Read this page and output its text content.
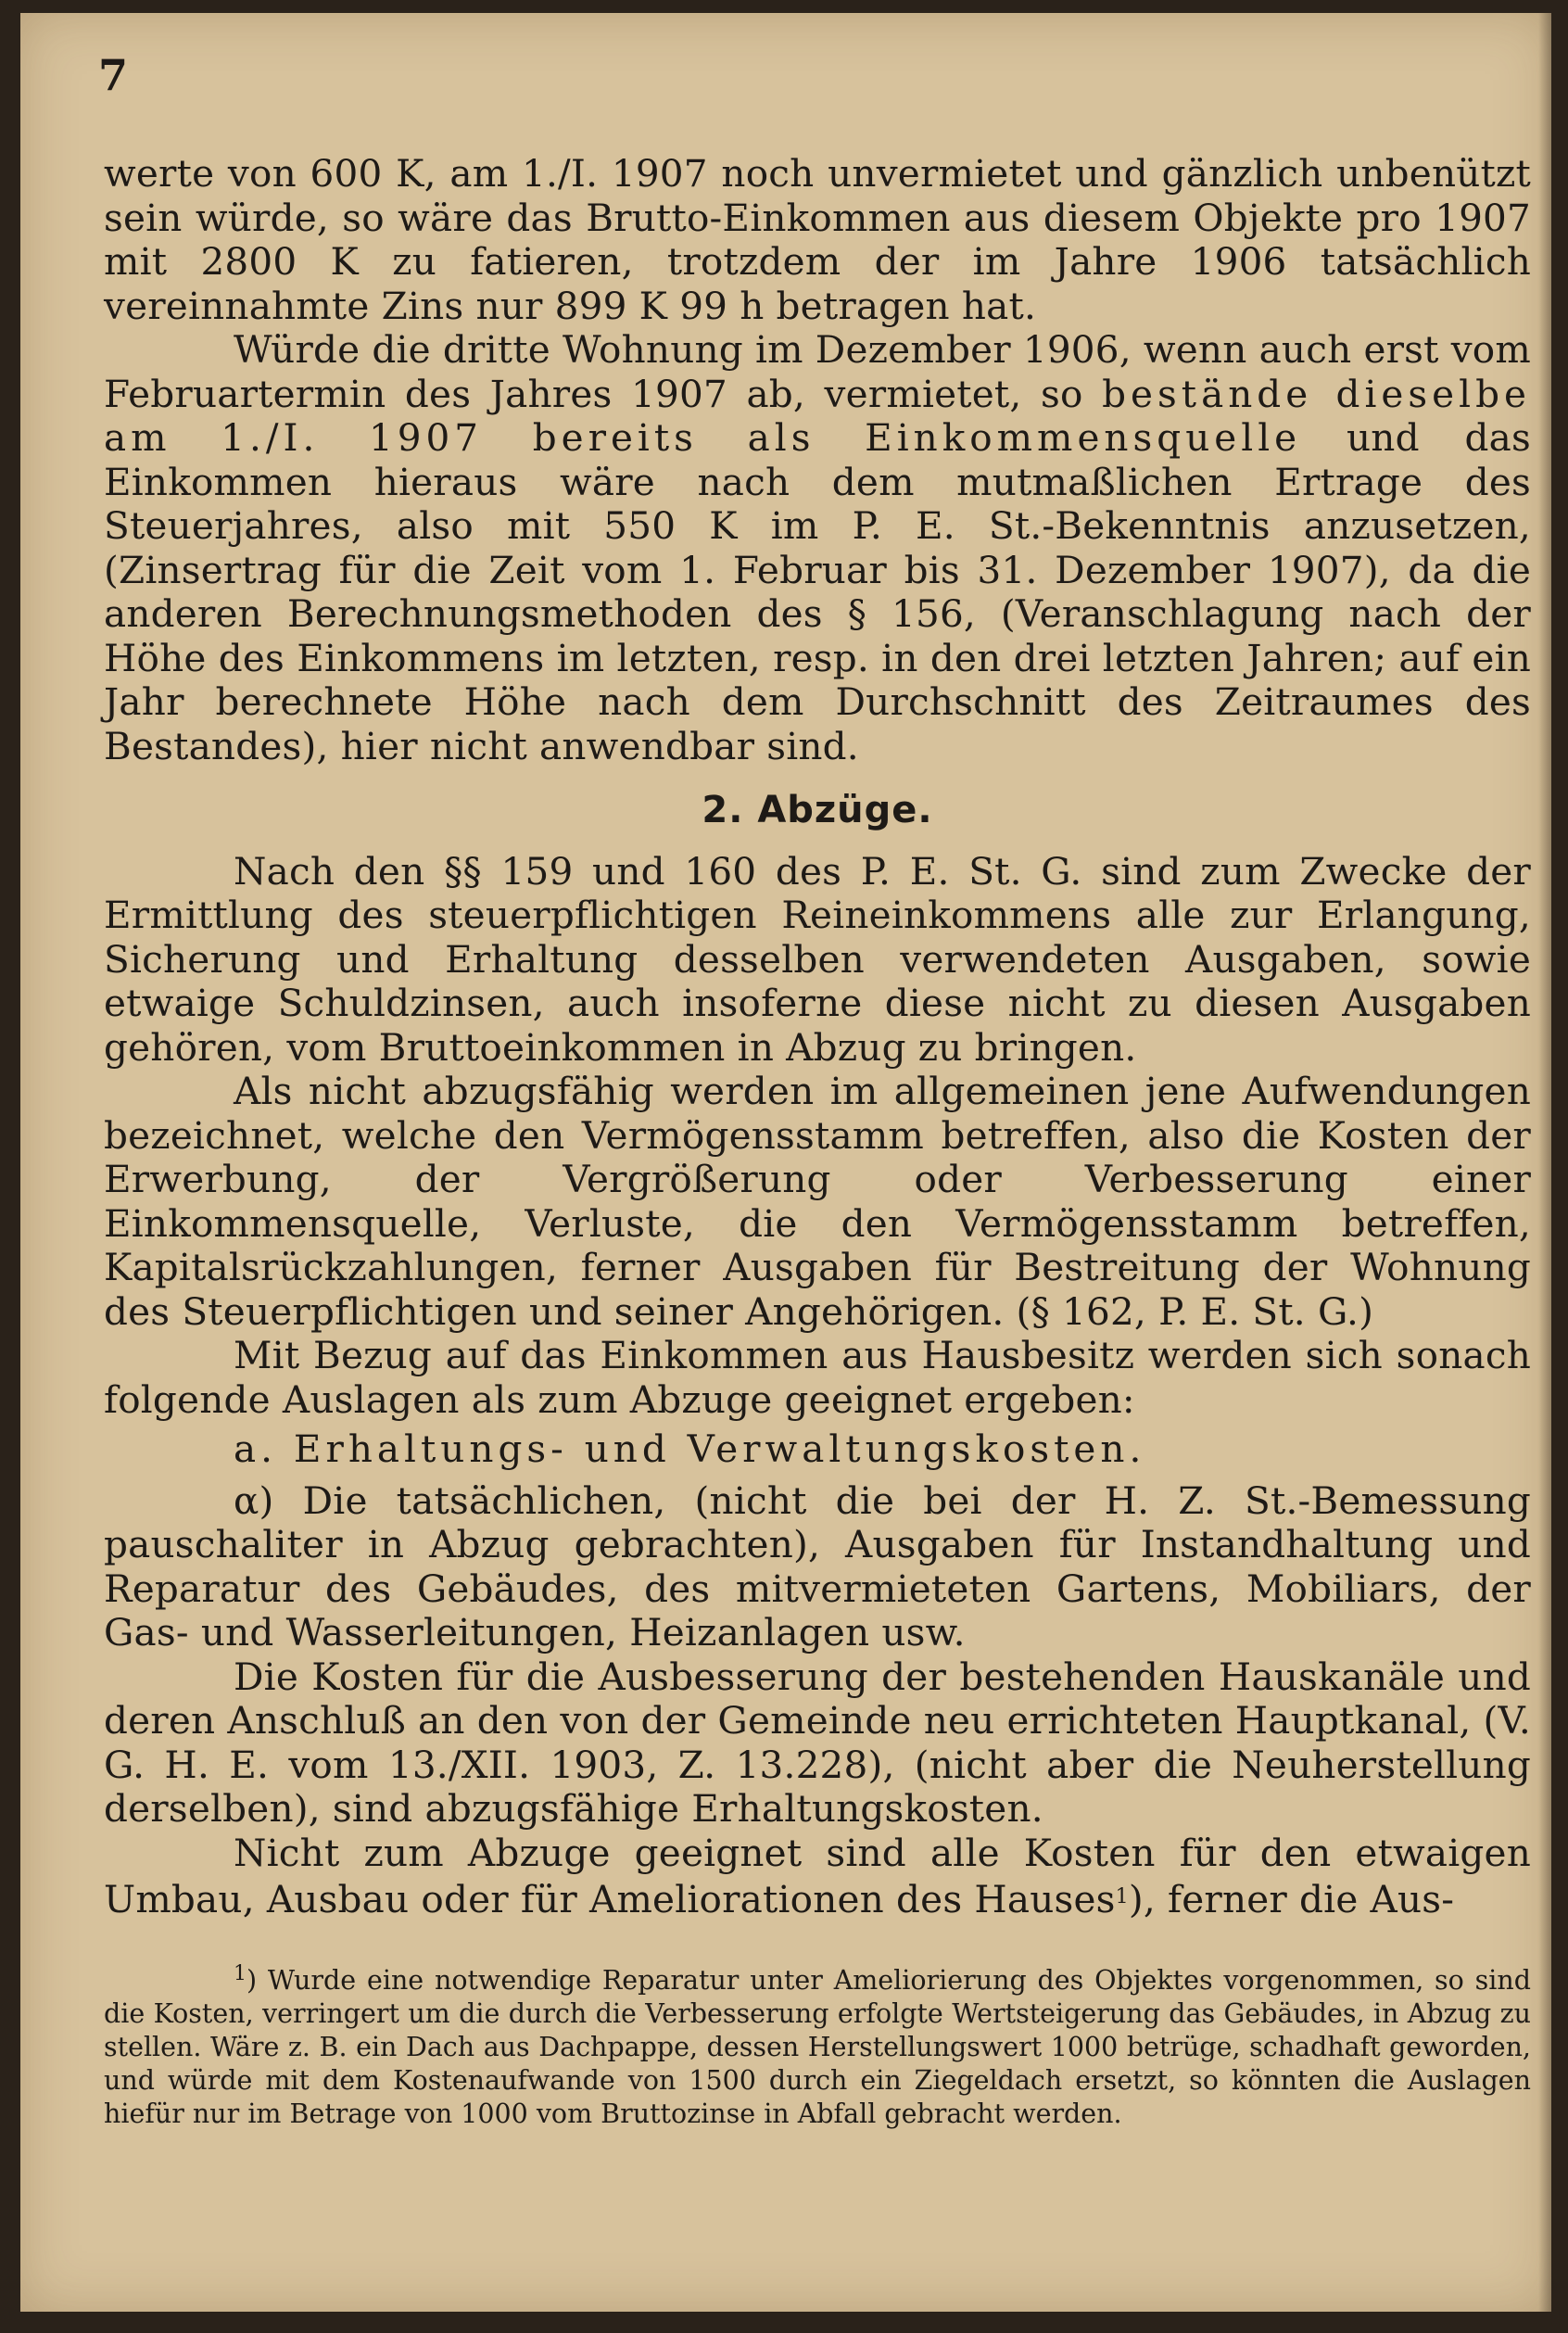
7

werte von 600 K, am 1./I. 1907 noch unvermietet und gänzlich unbenützt sein würde, so wäre das Brutto-Einkommen aus diesem Objekte pro 1907 mit 2800 K zu fatieren, trotzdem der im Jahre 1906 tatsächlich vereinnahmte Zins nur 899 K 99 h betragen hat.

Würde die dritte Wohnung im Dezember 1906, wenn auch erst vom Februartermin des Jahres 1907 ab, vermietet, so bestände dieselbe am 1./I. 1907 bereits als Einkommensquelle und das Einkommen hieraus wäre nach dem mutmaßlichen Ertrage des Steuerjahres, also mit 550 K im P. E. St.-Bekenntnis anzusetzen, (Zinsertrag für die Zeit vom 1. Februar bis 31. Dezember 1907), da die anderen Berechnungsmethoden des § 156, (Veranschlagung nach der Höhe des Einkommens im letzten, resp. in den drei letzten Jahren; auf ein Jahr berechnete Höhe nach dem Durchschnitt des Zeitraumes des Bestandes), hier nicht anwendbar sind.

2. Abzüge.

Nach den §§ 159 und 160 des P. E. St. G. sind zum Zwecke der Ermittlung des steuerpflichtigen Reineinkommens alle zur Erlangung, Sicherung und Erhaltung desselben verwendeten Ausgaben, sowie etwaige Schuldzinsen, auch insoferne diese nicht zu diesen Ausgaben gehören, vom Bruttoeinkommen in Abzug zu bringen.

Als nicht abzugsfähig werden im allgemeinen jene Aufwendungen bezeichnet, welche den Vermögensstamm betreffen, also die Kosten der Erwerbung, der Vergrößerung oder Verbesserung einer Einkommensquelle, Verluste, die den Vermögensstamm betreffen, Kapitalsrückzahlungen, ferner Ausgaben für Bestreitung der Wohnung des Steuerpflichtigen und seiner Angehörigen. (§ 162, P. E. St. G.)

Mit Bezug auf das Einkommen aus Hausbesitz werden sich sonach folgende Auslagen als zum Abzuge geeignet ergeben:

a. Erhaltungs- und Verwaltungskosten.

α) Die tatsächlichen, (nicht die bei der H. Z. St.-Bemessung pauschaliter in Abzug gebrachten), Ausgaben für Instandhaltung und Reparatur des Gebäudes, des mitvermieteten Gartens, Mobiliars, der Gas- und Wasserleitungen, Heizanlagen usw.

Die Kosten für die Ausbesserung der bestehenden Hauskanäle und deren Anschluß an den von der Gemeinde neu errichteten Hauptkanal, (V. G. H. E. vom 13./XII. 1903, Z. 13.228), (nicht aber die Neuherstellung derselben), sind abzugsfähige Erhaltungskosten.

Nicht zum Abzuge geeignet sind alle Kosten für den etwaigen Umbau, Ausbau oder für Ameliorationen des Hauses$^1$), ferner die Aus-

$^1$) Wurde eine notwendige Reparatur unter Ameliorierung des Objektes vorgenommen, so sind die Kosten, verringert um die durch die Verbesserung erfolgte Wertsteigerung das Gebäudes, in Abzug zu stellen. Wäre z. B. ein Dach aus Dachpappe, dessen Herstellungswert 1000 betrüge, schadhaft geworden, und würde mit dem Kostenaufwande von 1500 durch ein Ziegeldach ersetzt, so könnten die Auslagen hiefür nur im Betrage von 1000 vom Bruttozinse in Abfall gebracht werden.
